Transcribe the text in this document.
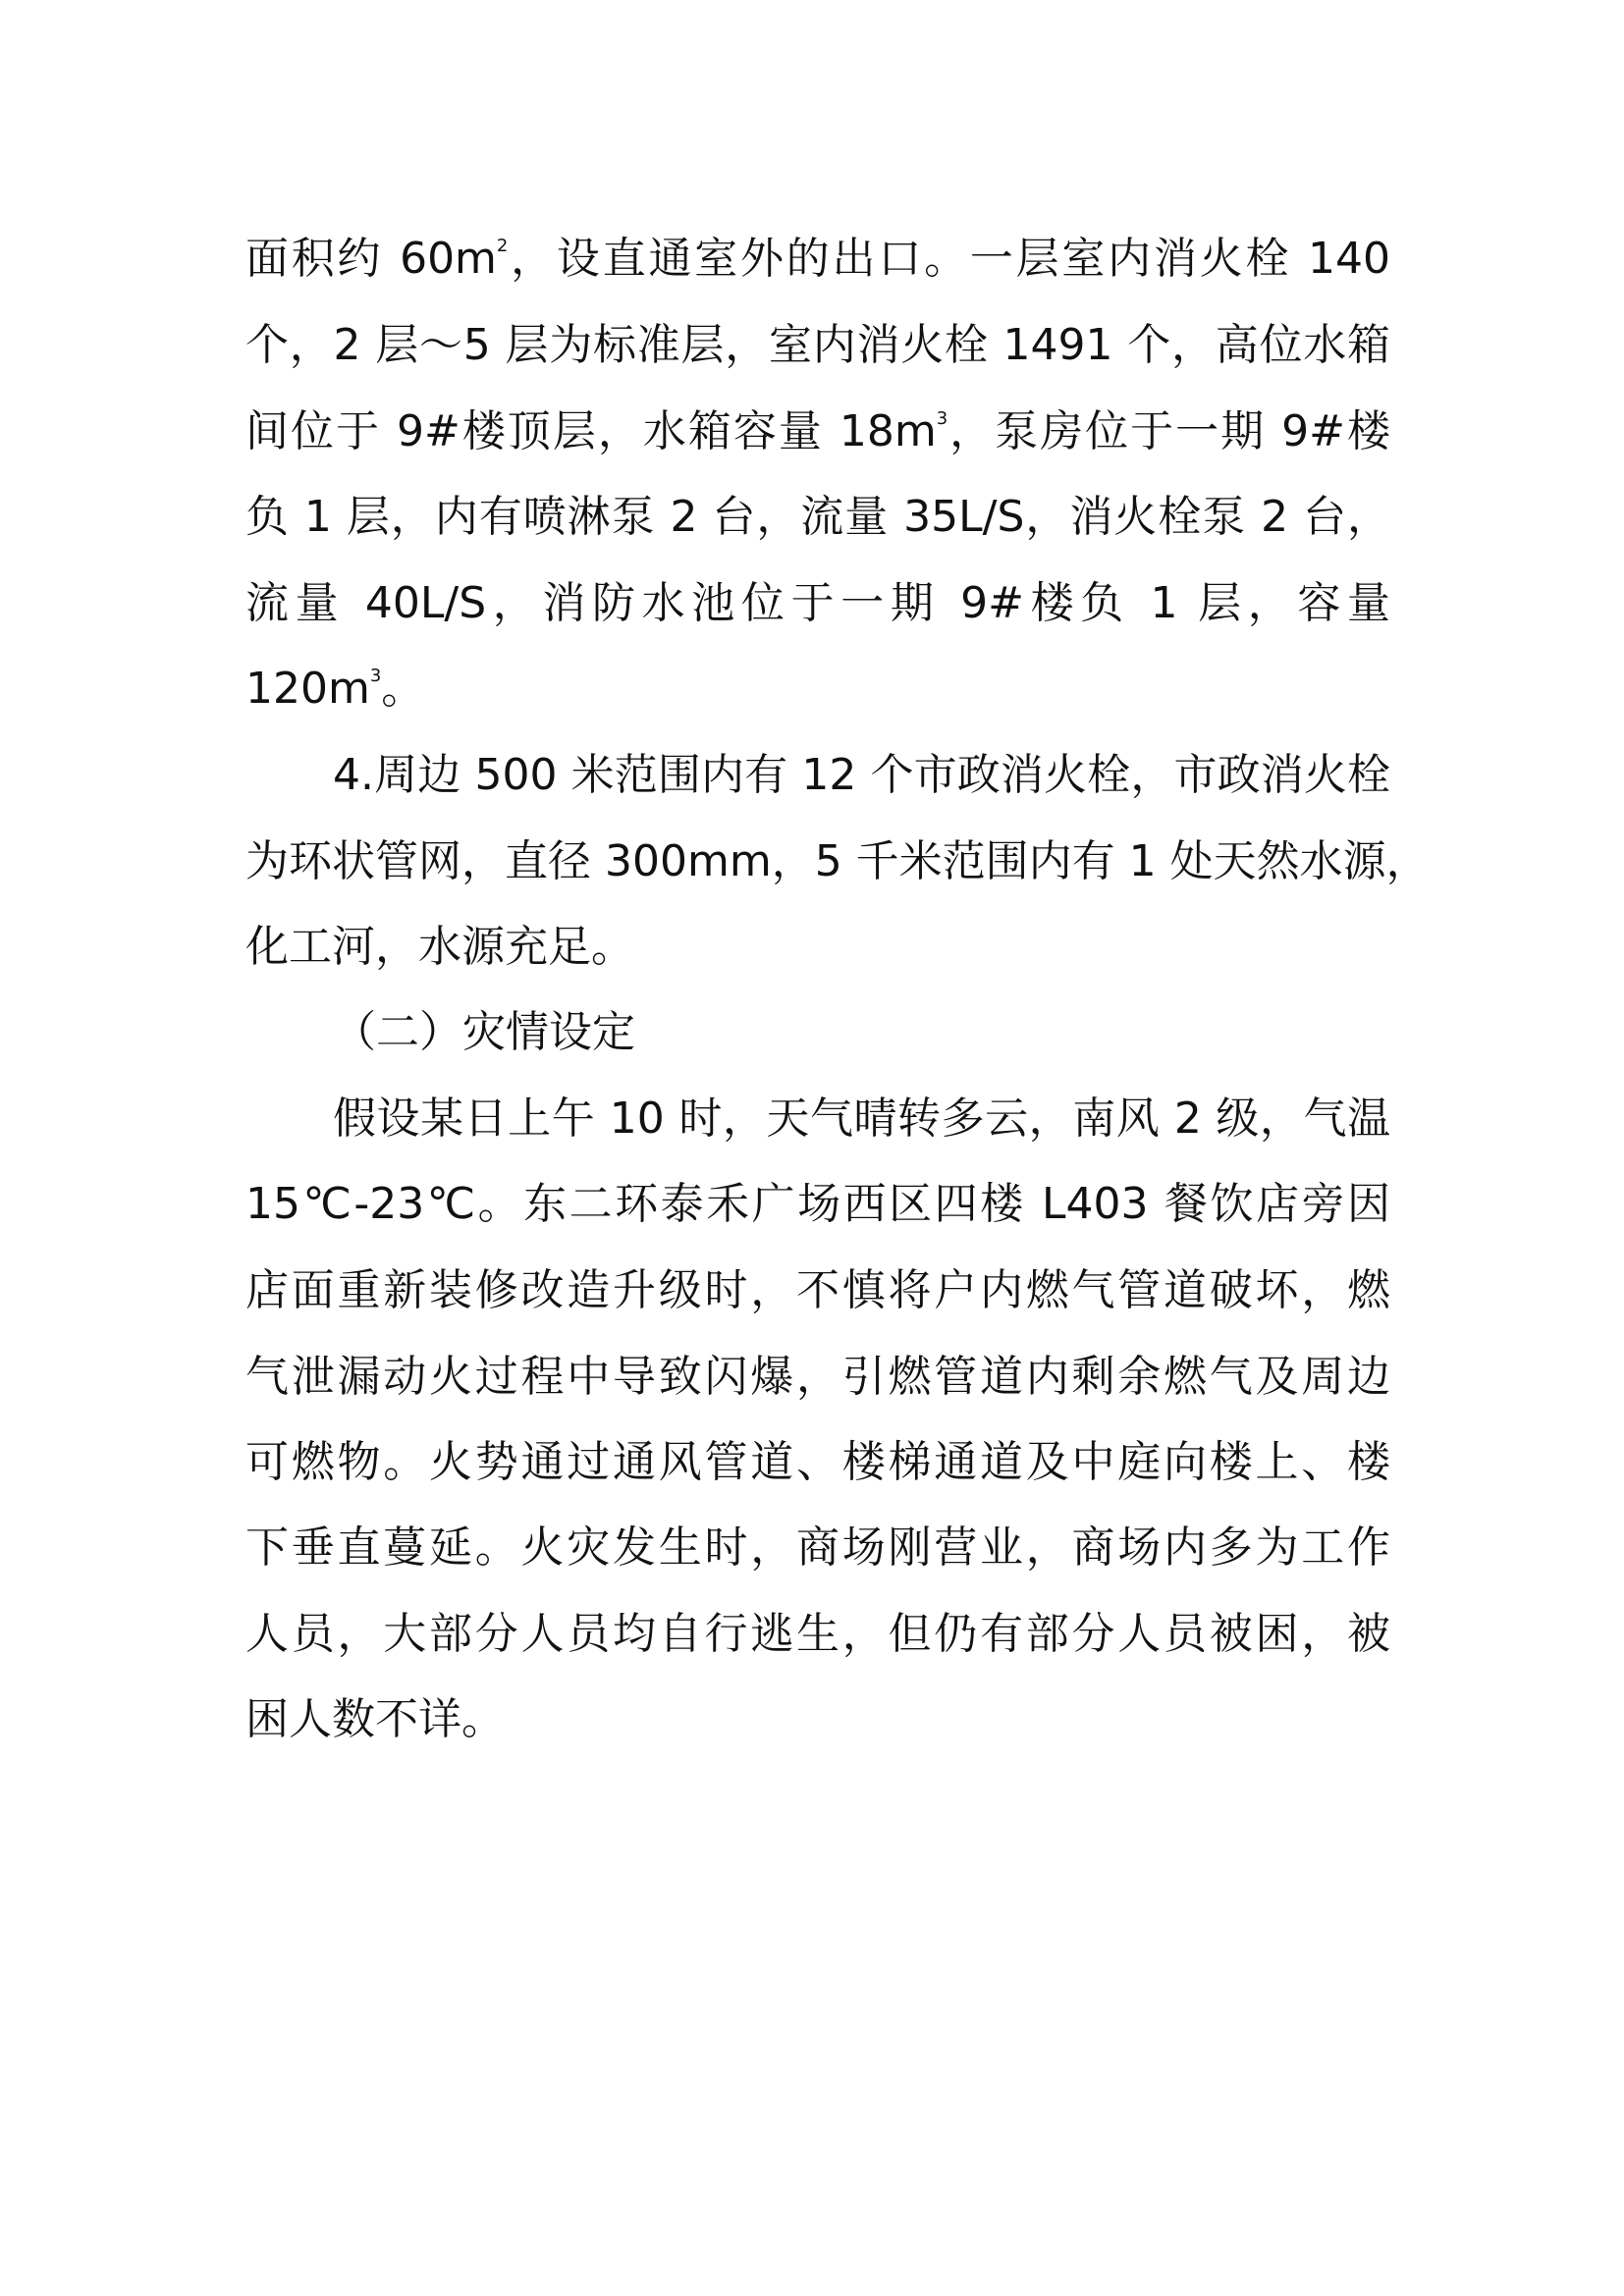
面积约 $60m^2$，设直通室外的出口。一层室内消火栓 140
个，2 层～5 层为标准层，室内消火栓 1491 个，高位水箱
间位于 9#楼顶层，水箱容量 $18m^3$，泵房位于一期 9#楼
负 1 层，内有喷淋泵 2 台，流量 35L/S，消火栓泵 2 台，
流量 40L/S，消防水池位于一期 9#楼负 1 层，容量
$120m^3$。
4.周边 500 米范围内有 12 个市政消火栓，市政消火栓
为环状管网，直径 300mm，5 千米范围内有 1 处天然水源，
化工河，水源充足。
（二）灾情设定
假设某日上午 10 时，天气晴转多云，南风 2 级，气温
15℃-23℃。东二环泰禾广场西区四楼 L403 餐饮店旁因
店面重新装修改造升级时，不慎将户内燃气管道破坏，燃
气泄漏动火过程中导致闪爆，引燃管道内剩余燃气及周边
可燃物。火势通过通风管道、楼梯通道及中庭向楼上、楼
下垂直蔓延。火灾发生时，商场刚营业，商场内多为工作
人员，大部分人员均自行逃生，但仍有部分人员被困，被
困人数不详。
